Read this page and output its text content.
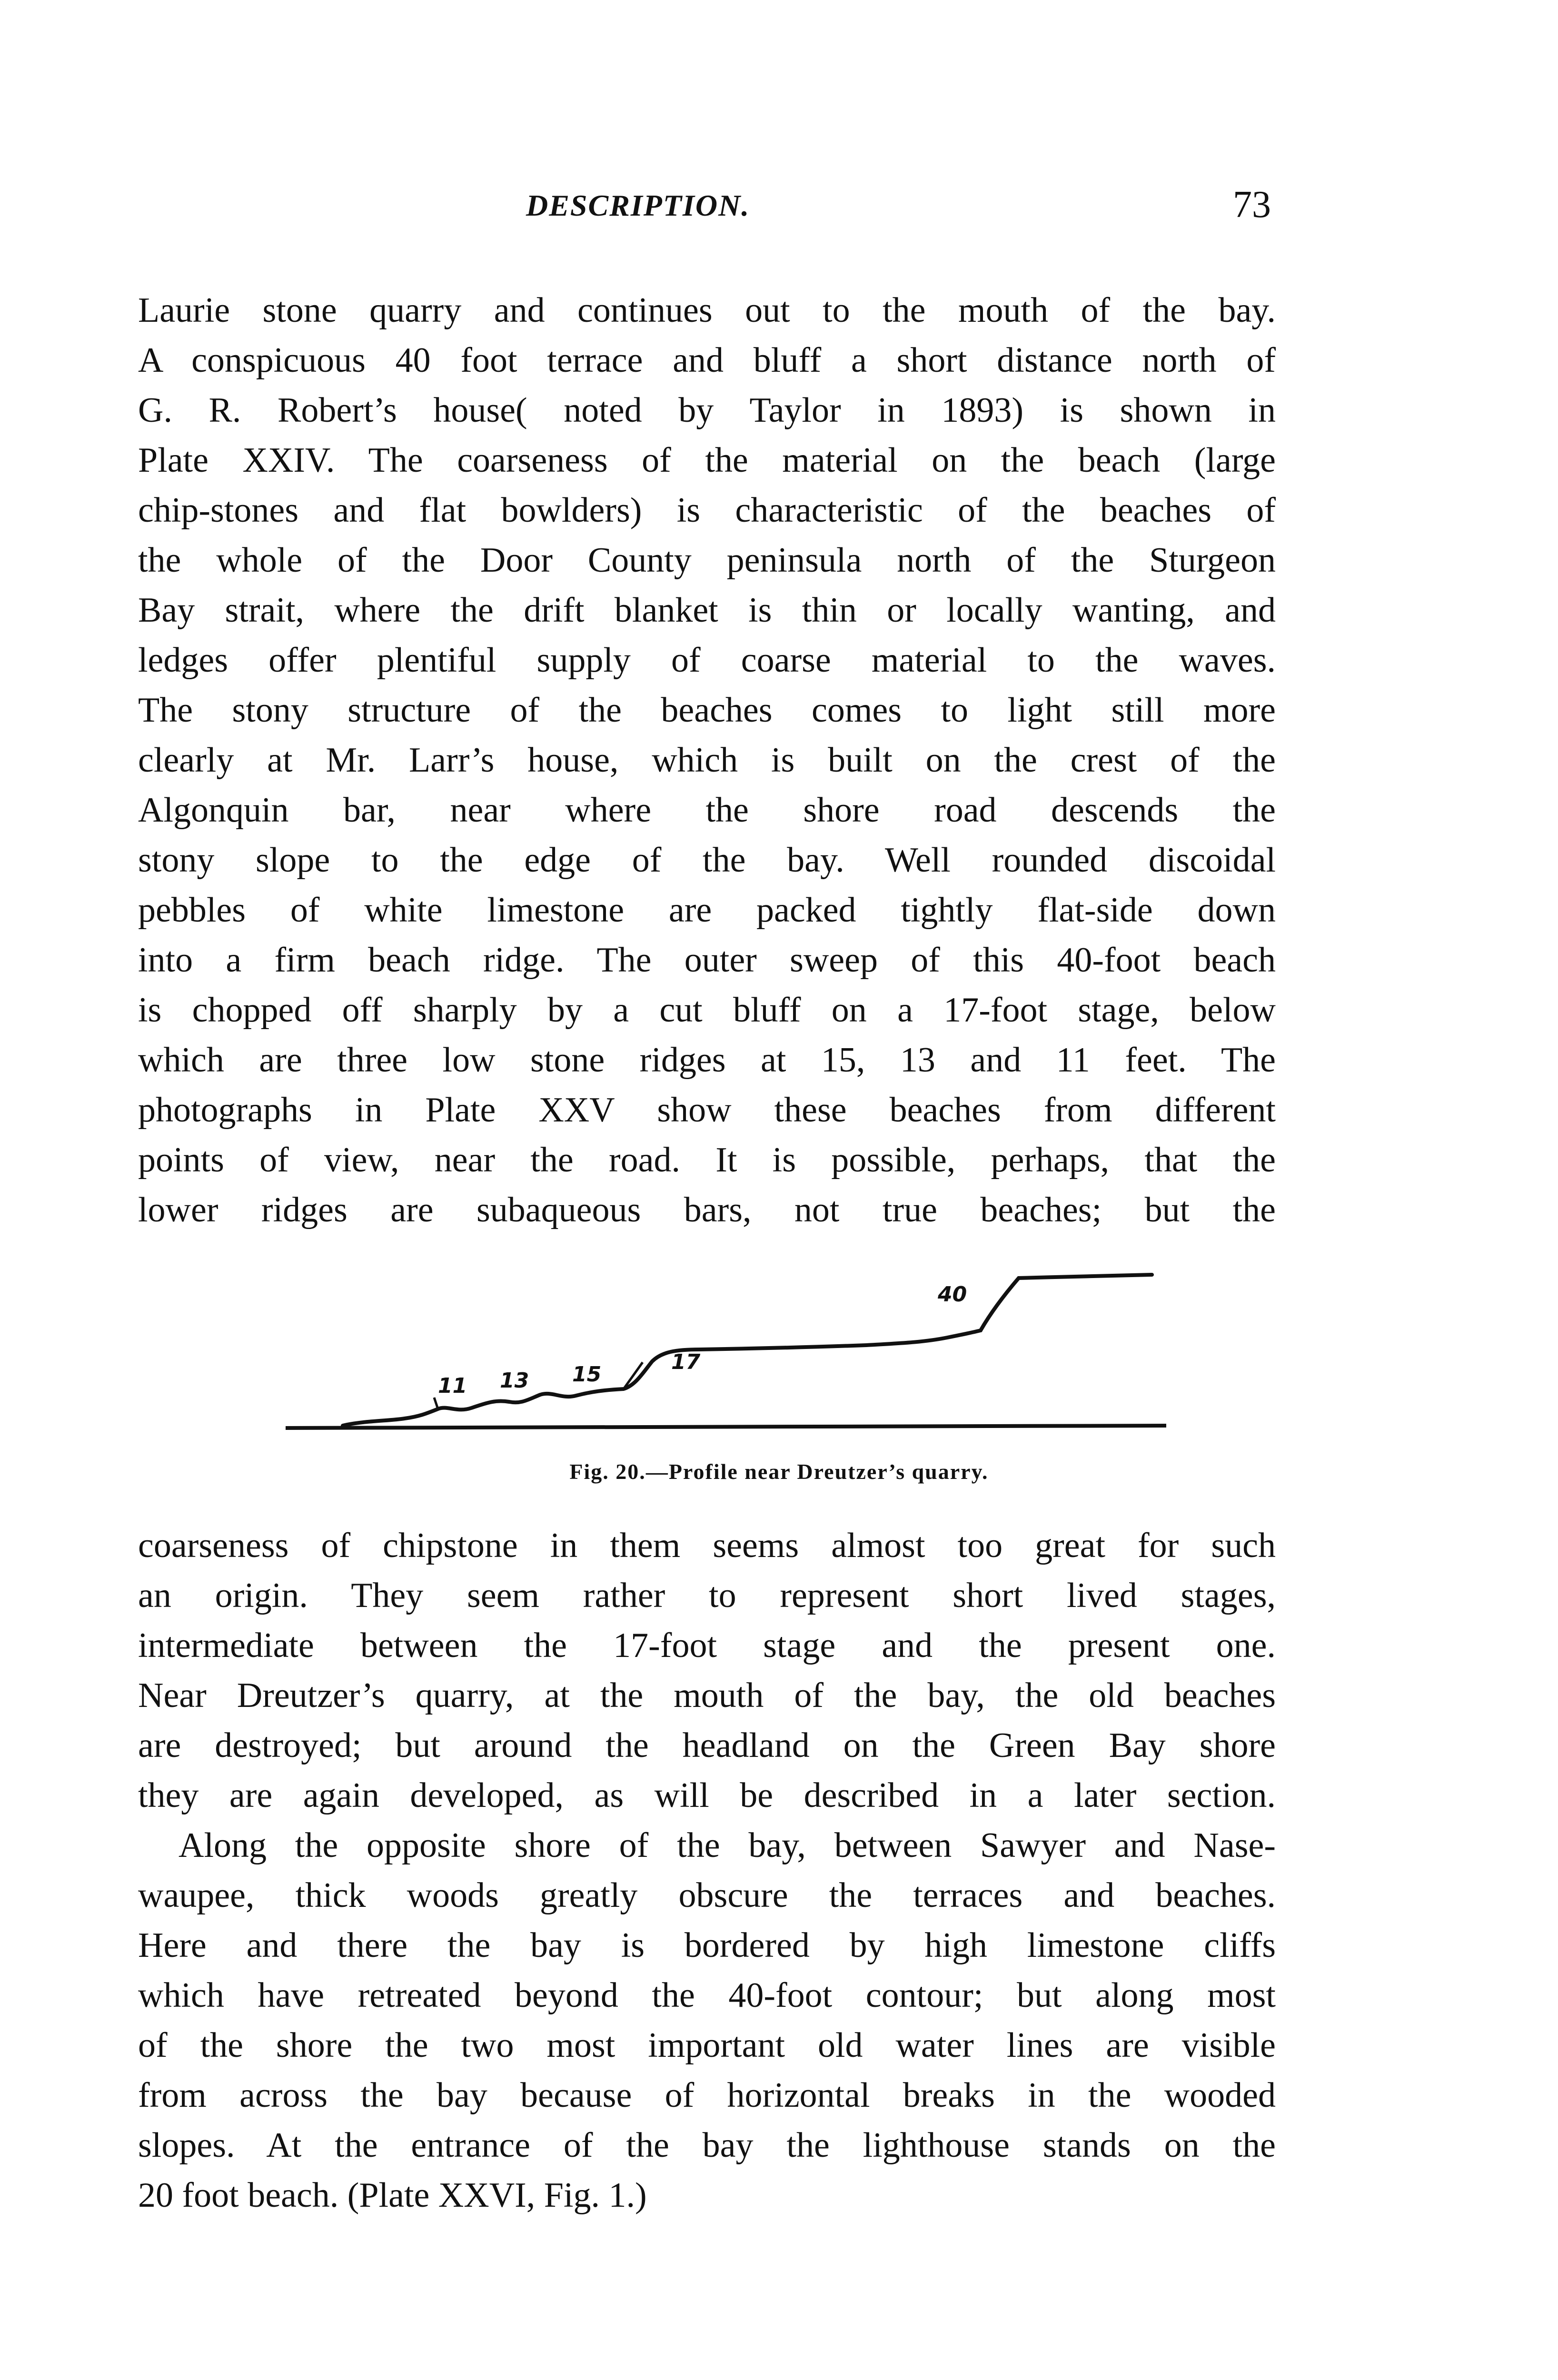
DESCRIPTION.	73
Laurie stone quarry and continues out to the mouth of the bay.
A conspicuous 40 foot terrace and bluff a short distance north of
G. R. Robert’s house( noted by Taylor in 1893) is shown in
Plate XXIV. The coarseness of the material on the beach (large
chip-stones and flat bowlders) is characteristic of the beaches of
the whole of the Door County peninsula north of the Sturgeon
Bay strait, where the drift blanket is thin or locally wanting, and
ledges offer plentiful supply of coarse material to the waves.
The stony structure of the beaches comes to light still more
clearly at Mr. Larr’s house, which is built on the crest of the
Algonquin bar, near where the shore road descends the
stony slope to the edge of the bay. Well rounded discoidal
pebbles of white limestone are packed tightly flat-side down
into a firm beach ridge. The outer sweep of this 40-foot beach
is chopped off sharply by a cut bluff on a 17-foot stage, below
which are three low stone ridges at 15, 13 and 11 feet. The
photographs in Plate XXV show these beaches from different
points of view, near the road. It is possible, perhaps, that the
lower ridges are subaqueous bars, not true beaches; but the
11 13 15
17
40
Fig. 20.—Profile near Dreutzer’s quarry.
coarseness of chipstone in them seems almost too great for such
an origin. They seem rather to represent short lived stages,
intermediate between the 17-foot stage and the present one.
Near Dreutzer’s quarry, at the mouth of the bay, the old beaches
are destroyed; but around the headland on the Green Bay shore
they are again developed, as will be described in a later section.
Along the opposite shore of the bay, between Sawyer and Nase-
waupee, thick woods greatly obscure the terraces and beaches.
Here and there the bay is bordered by high limestone cliffs
which have retreated beyond the 40-foot contour; but along most
of the shore the two most important old water lines are visible
from across the bay because of horizontal breaks in the wooded
slopes. At the entrance of the bay the lighthouse stands on the
20 foot beach. (Plate XXVI, Fig. 1.)
